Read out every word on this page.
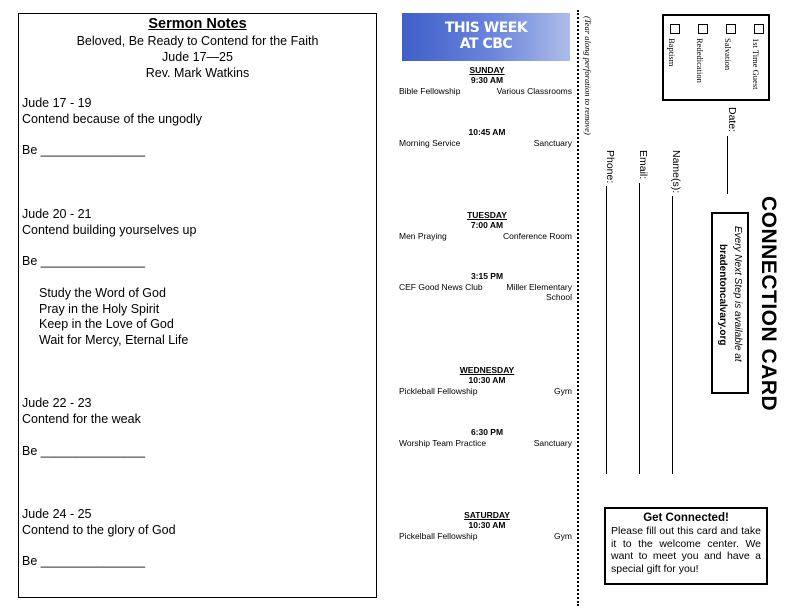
Sermon Notes
Beloved, Be Ready to Contend for the Faith
Jude 17—25
Rev. Mark Watkins
Jude 17 - 19
Contend because of the ungodly
Be _______________
Jude 20 - 21
Contend building yourselves up
Be _______________
Study the Word of God
Pray in the Holy Spirit
Keep in the Love of God
Wait for Mercy, Eternal Life
Jude 22 - 23
Contend for the weak
Be _______________
Jude 24 - 25
Contend to the glory of God
Be _______________
THIS WEEK
AT CBC
SUNDAY
9:30 AM
Bible Fellowship	Various Classrooms
10:45 AM
Morning Service	Sanctuary
TUESDAY
7:00 AM
Men Praying	Conference Room
3:15 PM
CEF Good News Club	Miller Elementary School
WEDNESDAY
10:30 AM
Pickleball Fellowship	Gym
6:30 PM
Worship Team Practice	Sanctuary
SATURDAY
10:30 AM
Pickelball Fellowship	Gym
(Tear along perforation to remove)	1st Time Guest
Salvation
Rededication
Baptism
Date:
Name(s):
Email:
Phone:
CONNECTION CARD
Every Next Step is available at
bradentoncalvary.org
Get Connected!
Please fill out this card and take it to the welcome center. We want to meet you and have a special gift for you!
